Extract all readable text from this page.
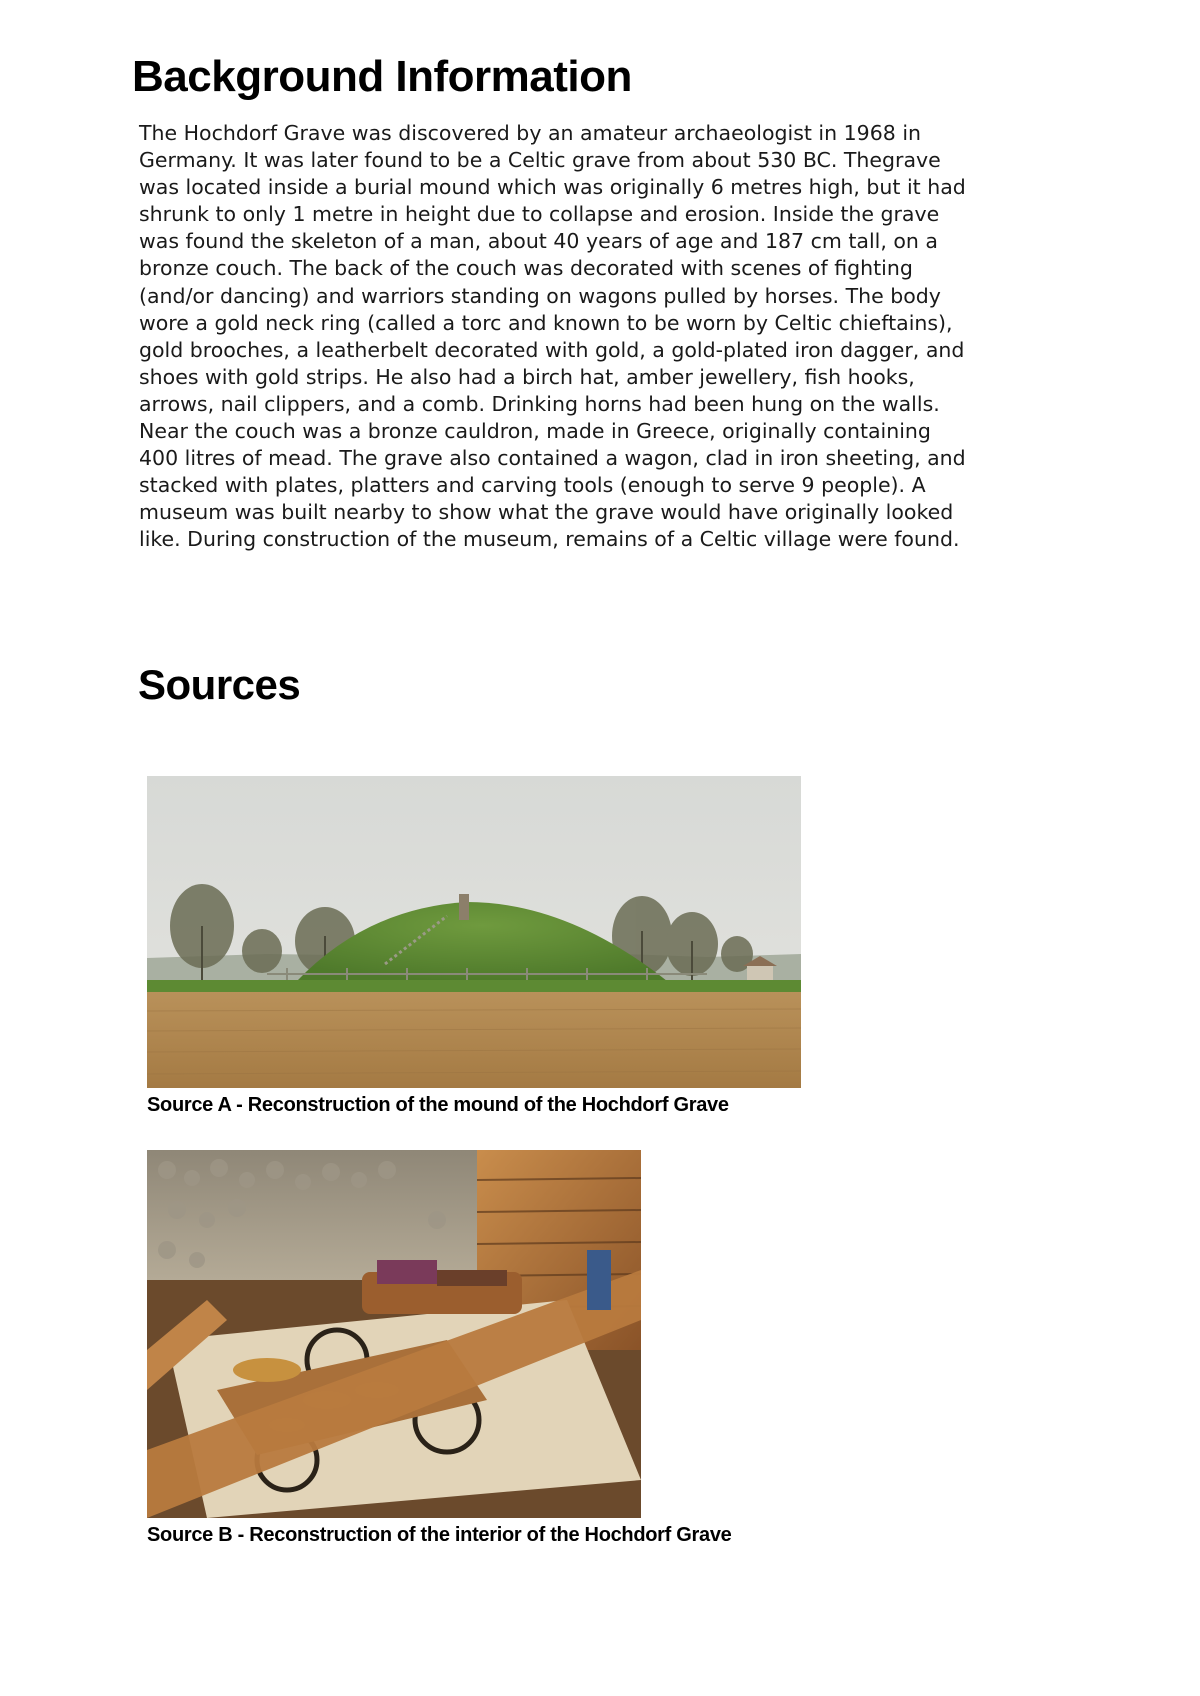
Background Information

The Hochdorf Grave was discovered by an amateur archaeologist in 1968 in Germany. It was later found to be a Celtic grave from about 530 BC. Thegrave was located inside a burial mound which was originally 6 metres high, but it had shrunk to only 1 metre in height due to collapse and erosion. Inside the grave was found the skeleton of a man, about 40 years of age and 187 cm tall, on a bronze couch. The back of the couch was decorated with scenes of fighting (and/or dancing) and warriors standing on wagons pulled by horses. The body wore a gold neck ring (called a torc and known to be worn by Celtic chieftains), gold brooches, a leatherbelt decorated with gold, a gold-plated iron dagger, and shoes with gold strips. He also had a birch hat, amber jewellery, fish hooks, arrows, nail clippers, and a comb. Drinking horns had been hung on the walls. Near the couch was a bronze cauldron, made in Greece, originally containing 400 litres of mead. The grave also contained a wagon, clad in iron sheeting, and stacked with plates, platters and carving tools (enough to serve 9 people). A museum was built nearby to show what the grave would have originally looked like. During construction of the museum, remains of a Celtic village were found.

Sources
Source A - Reconstruction of the mound of the Hochdorf Grave
Source B - Reconstruction of the interior of the Hochdorf Grave
